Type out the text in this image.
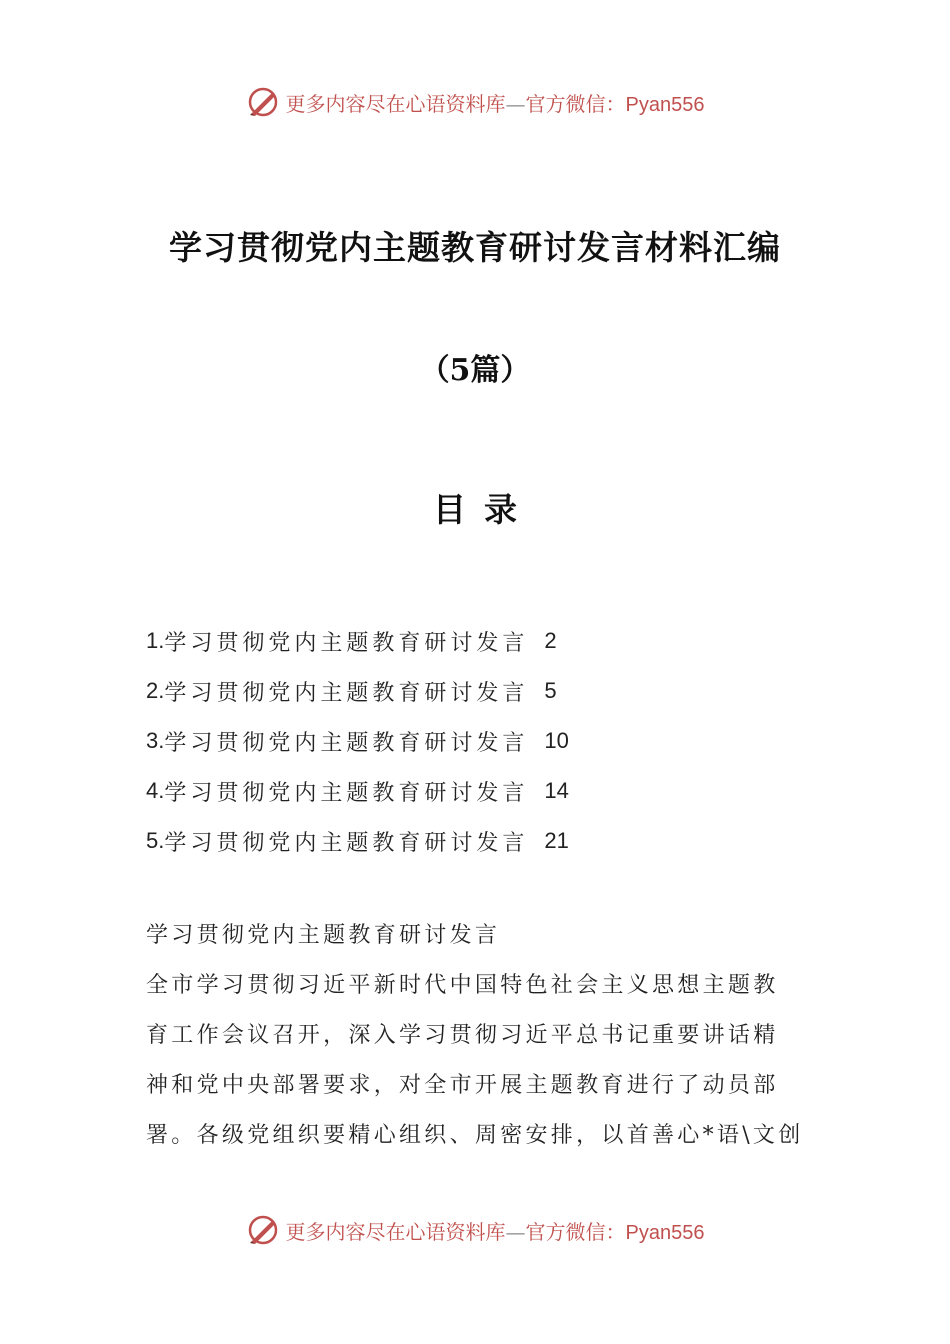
更多内容尽在心语资料库—官方微信：Pyan556
学习贯彻党内主题教育研讨发言材料汇编
（5篇）
目录
1. 学习贯彻党内主题教育研讨发言 2
2. 学习贯彻党内主题教育研讨发言 5
3. 学习贯彻党内主题教育研讨发言 10
4. 学习贯彻党内主题教育研讨发言 14
5. 学习贯彻党内主题教育研讨发言 21

学习贯彻党内主题教育研讨发言

全市学习贯彻习近平新时代中国特色社会主义思想主题教

育工作会议召开，深入学习贯彻习近平总书记重要讲话精

神和党中央部署要求，对全市开展主题教育进行了动员部

署。各级党组织要精心组织、周密安排，以首善心*语\文创

更多内容尽在心语资料库—官方微信：Pyan556
